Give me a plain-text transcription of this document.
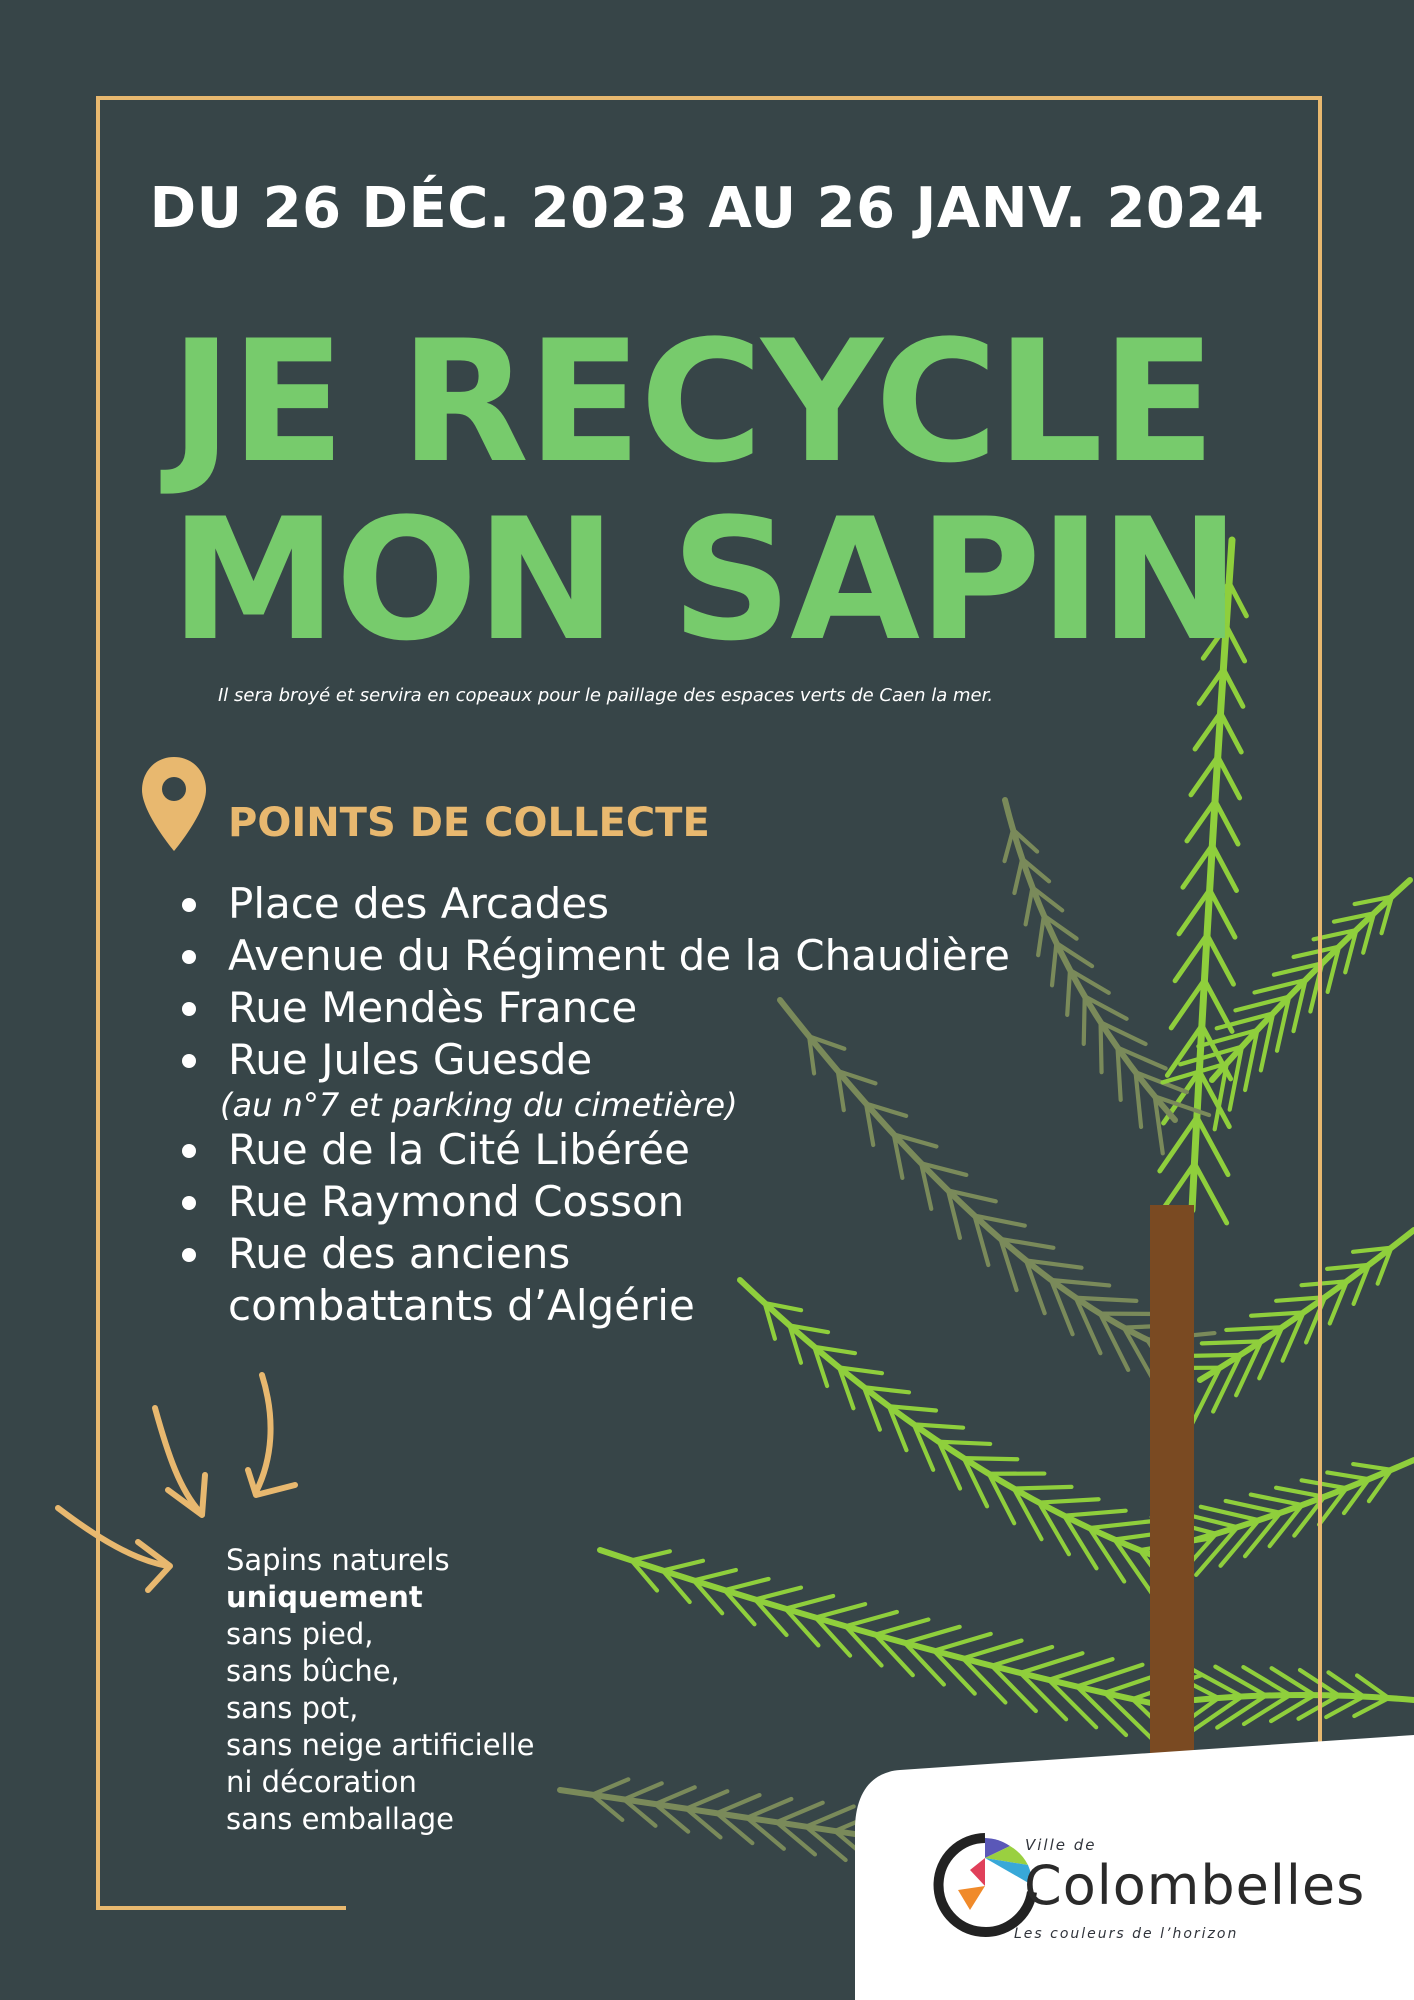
DU 26 DÉC. 2023 AU 26 JANV. 2024
JE RECYCLE
MON SAPIN
Il sera broyé et servira en copeaux pour le paillage des espaces verts de Caen la mer.
POINTS DE COLLECTE
Place des Arcades
Avenue du Régiment de la Chaudière
Rue Mendès France
Rue Jules Guesde
(au n°7 et parking du cimetière)
Rue de la Cité Libérée
Rue Raymond Cosson
Rue des anciens
combattants d’Algérie
Sapins naturels
uniquement
sans pied,
sans bûche,
sans pot,
sans neige artificielle
ni décoration
sans emballage
Ville de
Colombelles
Les couleurs de l’horizon
